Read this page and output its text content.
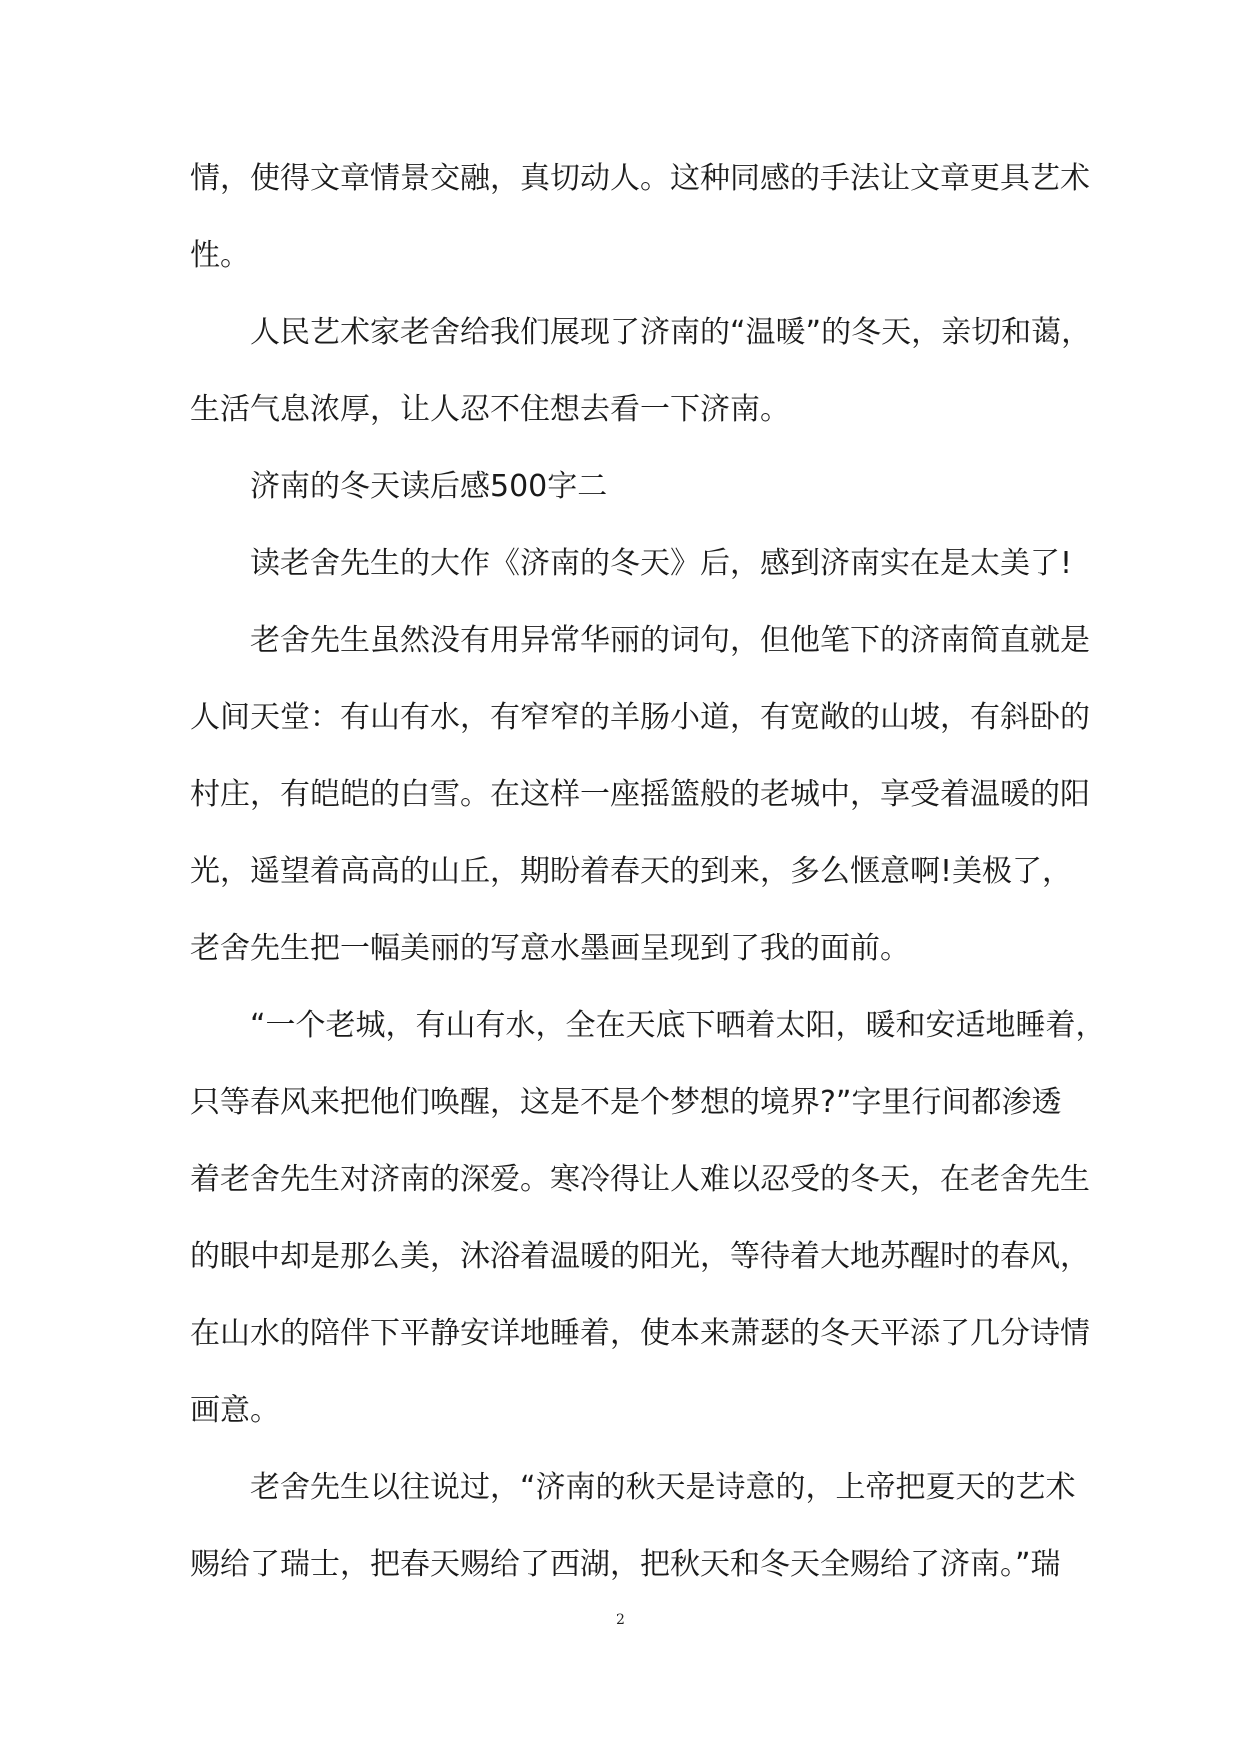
情，使得文章情景交融，真切动人。这种同感的手法让文章更具艺术
性。
人民艺术家老舍给我们展现了济南的“温暖”的冬天，亲切和蔼，
生活气息浓厚，让人忍不住想去看一下济南。
济南的冬天读后感500字二
读老舍先生的大作《济南的冬天》后，感到济南实在是太美了!
老舍先生虽然没有用异常华丽的词句，但他笔下的济南简直就是
人间天堂：有山有水，有窄窄的羊肠小道，有宽敞的山坡，有斜卧的
村庄，有皑皑的白雪。在这样一座摇篮般的老城中，享受着温暖的阳
光，遥望着高高的山丘，期盼着春天的到来，多么惬意啊!美极了，
老舍先生把一幅美丽的写意水墨画呈现到了我的面前。
“一个老城，有山有水，全在天底下晒着太阳，暖和安适地睡着，
只等春风来把他们唤醒，这是不是个梦想的境界?”字里行间都渗透
着老舍先生对济南的深爱。寒冷得让人难以忍受的冬天，在老舍先生
的眼中却是那么美，沐浴着温暖的阳光，等待着大地苏醒时的春风，
在山水的陪伴下平静安详地睡着，使本来萧瑟的冬天平添了几分诗情
画意。
老舍先生以往说过，“济南的秋天是诗意的，上帝把夏天的艺术
赐给了瑞士，把春天赐给了西湖，把秋天和冬天全赐给了济南。”瑞
2
